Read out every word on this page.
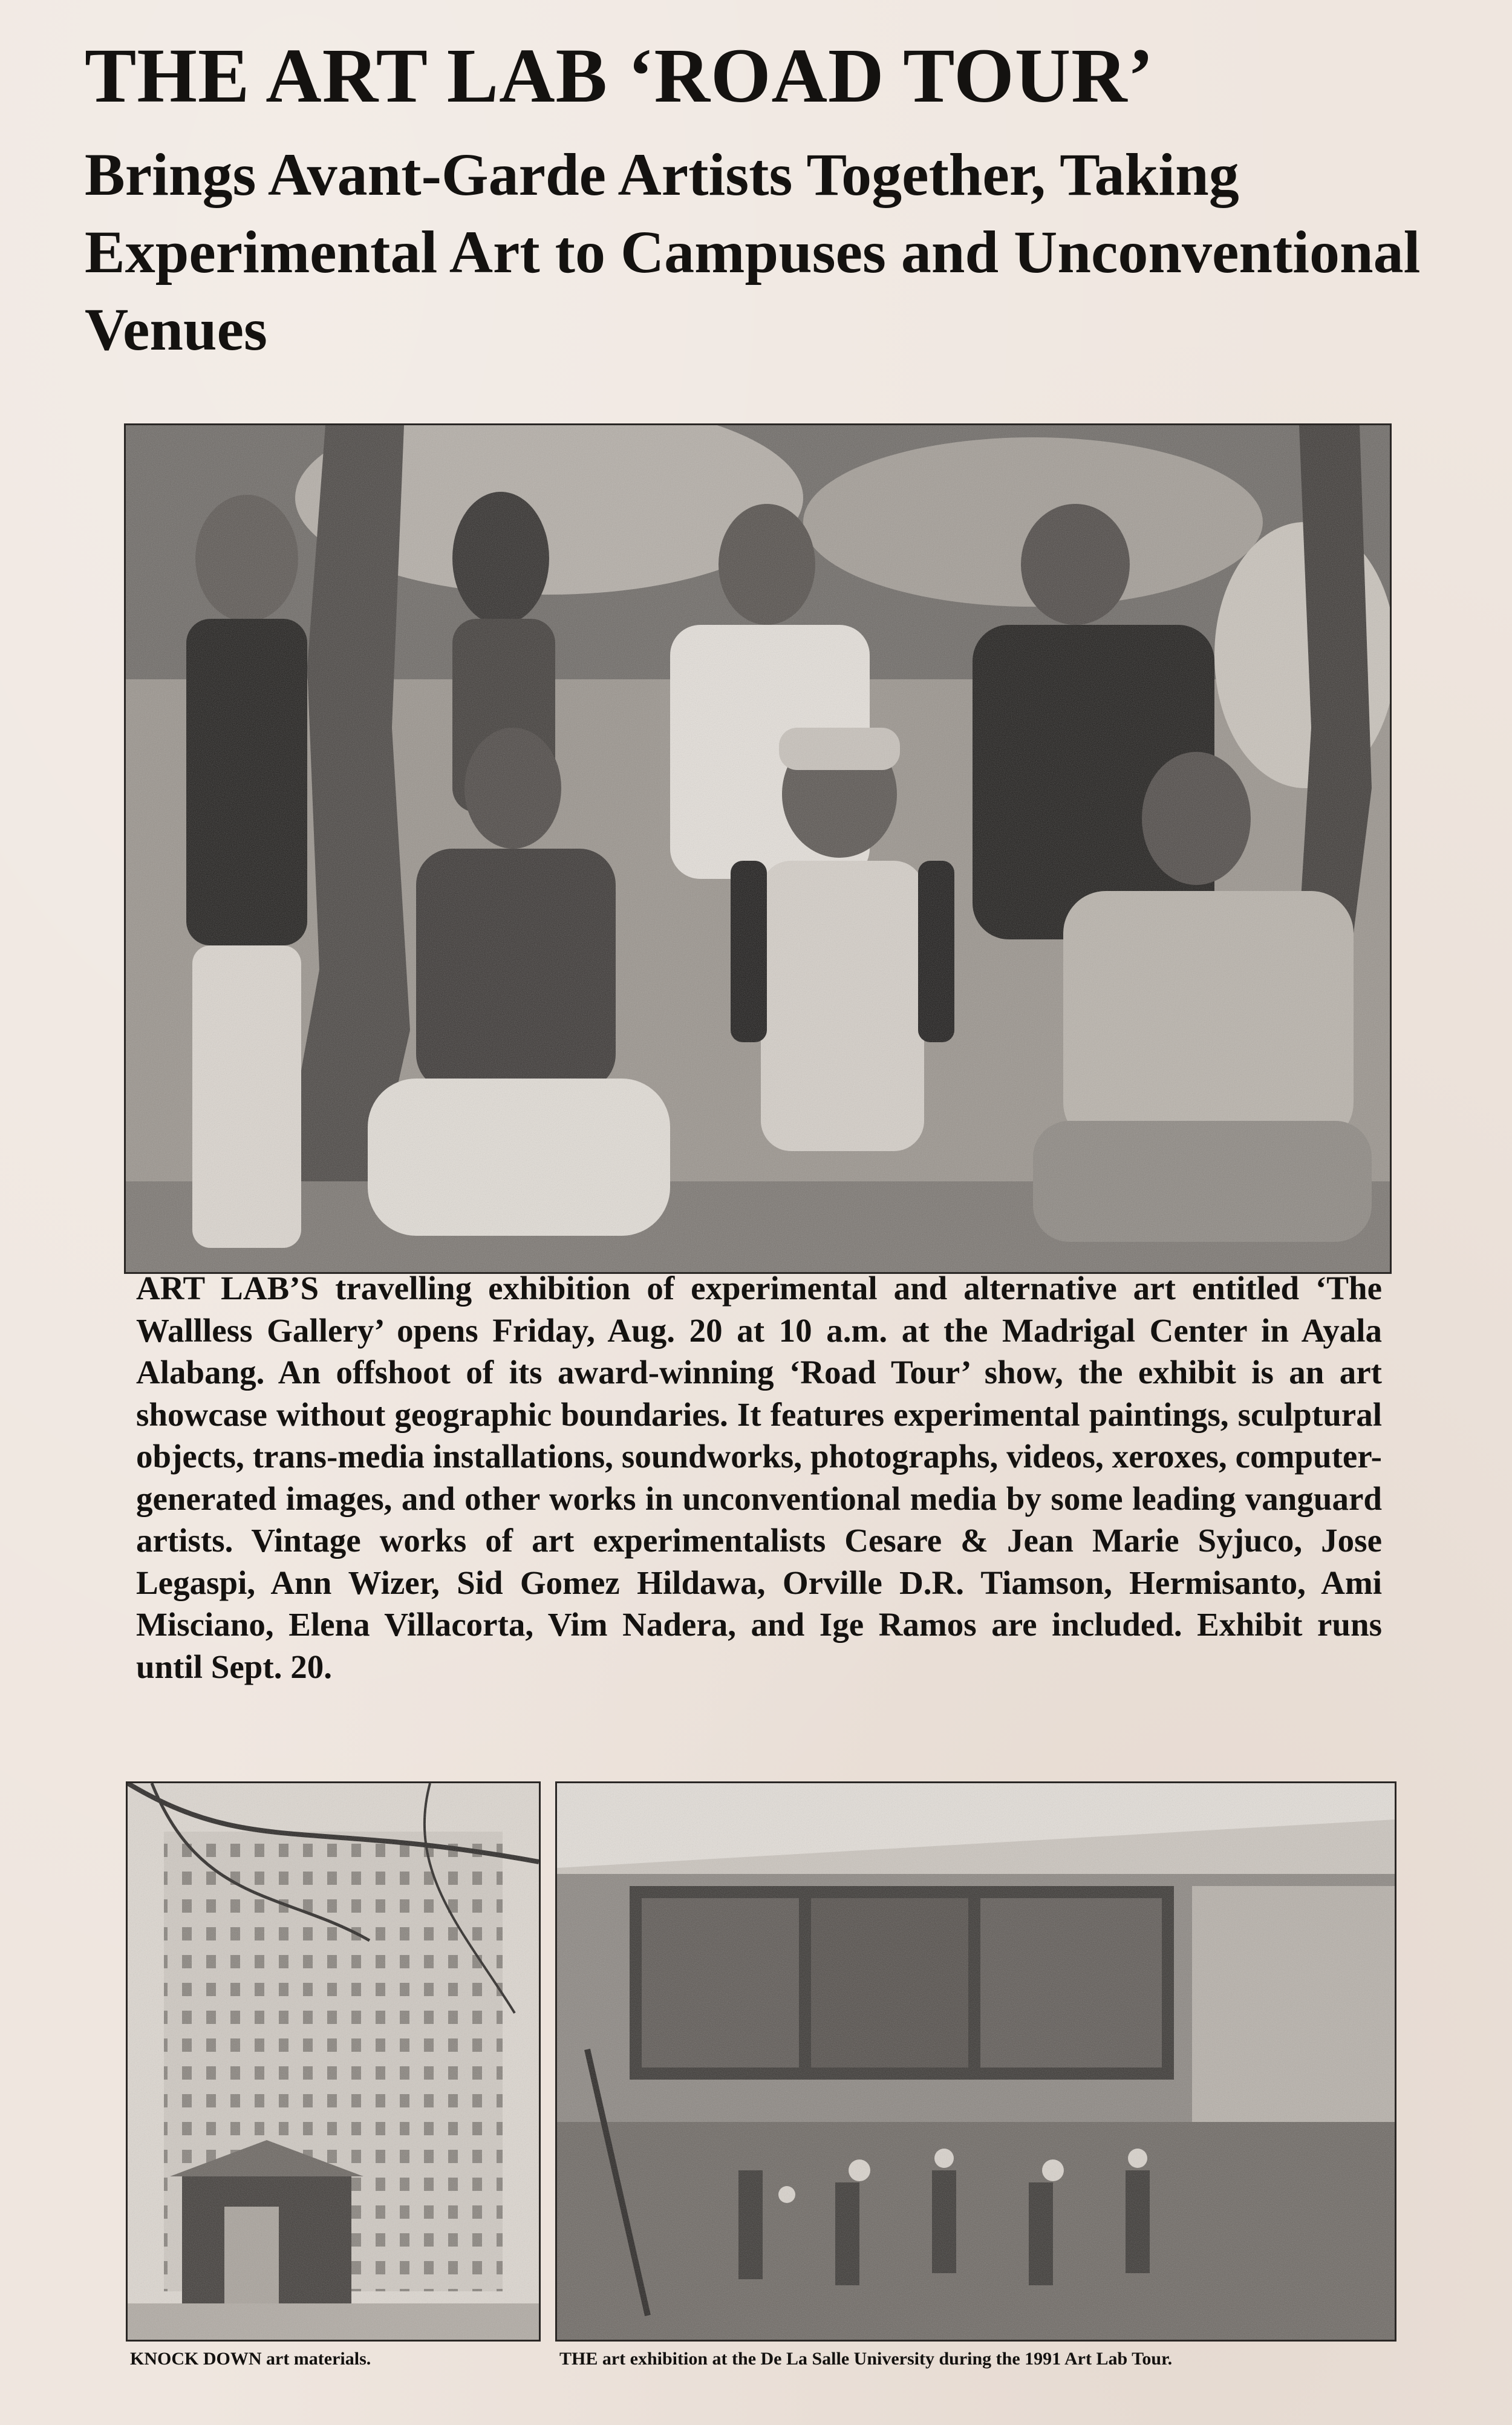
THE ART LAB ‘ROAD TOUR’
Brings Avant-Garde Artists Together, Taking Experimental Art to Campuses and Unconventional Venues

ART LAB’S travelling exhibition of experimental and alternative art entitled ‘The Wallless Gallery’ opens Friday, Aug. 20 at 10 a.m. at the Madrigal Center in Ayala Alabang. An offshoot of its award-winning ‘Road Tour’ show, the exhibit is an art showcase without geographic boundaries. It features experimental paintings, sculptural objects, trans-media installations, soundworks, photographs, videos, xeroxes, computer-generated images, and other works in unconventional media by some leading vanguard artists. Vintage works of art experimentalists Cesare & Jean Marie Syjuco, Jose Legaspi, Ann Wizer, Sid Gomez Hildawa, Orville D.R. Tiamson, Hermisanto, Ami Misciano, Elena Villacorta, Vim Nadera, and Ige Ramos are included. Exhibit runs until Sept. 20.

KNOCK DOWN art materials.	THE art exhibition at the De La Salle University during the 1991 Art Lab Tour.
